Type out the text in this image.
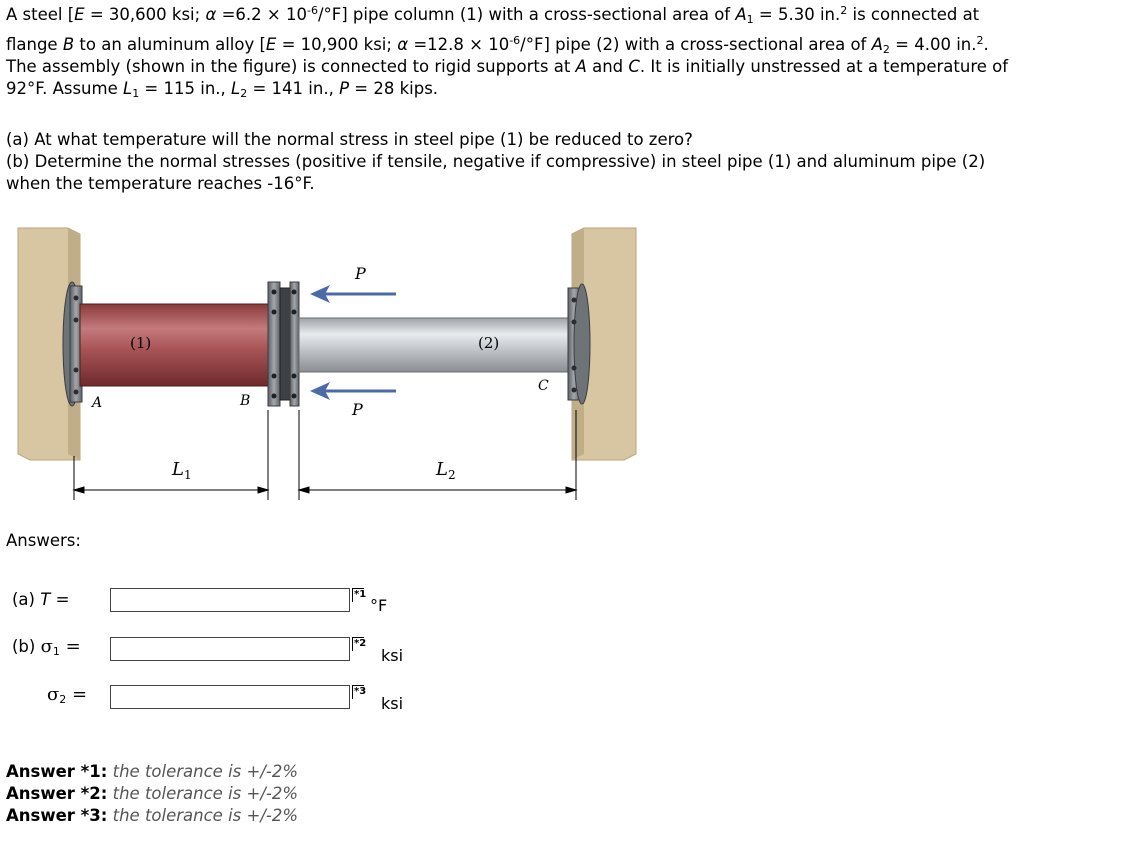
A steel [E = 30,600 ksi; $\alpha =6.2 \times 10^{-6}/^\circ F$] pipe column (1) with a cross-sectional area of $A_1 = 5.30$ in.$^2$ is connected at
flange B to an aluminum alloy [E = 10,900 ksi; $\alpha =12.8 \times 10^{-6}/^\circ F$] pipe (2) with a cross-sectional area of $A_2 = 4.00$ in.$^2$.
The assembly (shown in the figure) is connected to rigid supports at A and C. It is initially unstressed at a temperature of
92°F. Assume $L_1 = 115$ in., $L_2 = 141$ in., P = 28 kips.
(a) At what temperature will the normal stress in steel pipe (1) be reduced to zero?
(b) Determine the normal stresses (positive if tensile, negative if compressive) in steel pipe (1) and aluminum pipe (2)
when the temperature reaches -16°F.
P
P
(1)	(2)
A	B
C
$L_1$	$L_2$
Answers:
(a) T =	*1
°F
(b) $\sigma_1$ =	*2
ksi
$\sigma_2$ =	*3
ksi
Answer *1: the tolerance is +/-2%
Answer *2: the tolerance is +/-2%
Answer *3: the tolerance is +/-2%
